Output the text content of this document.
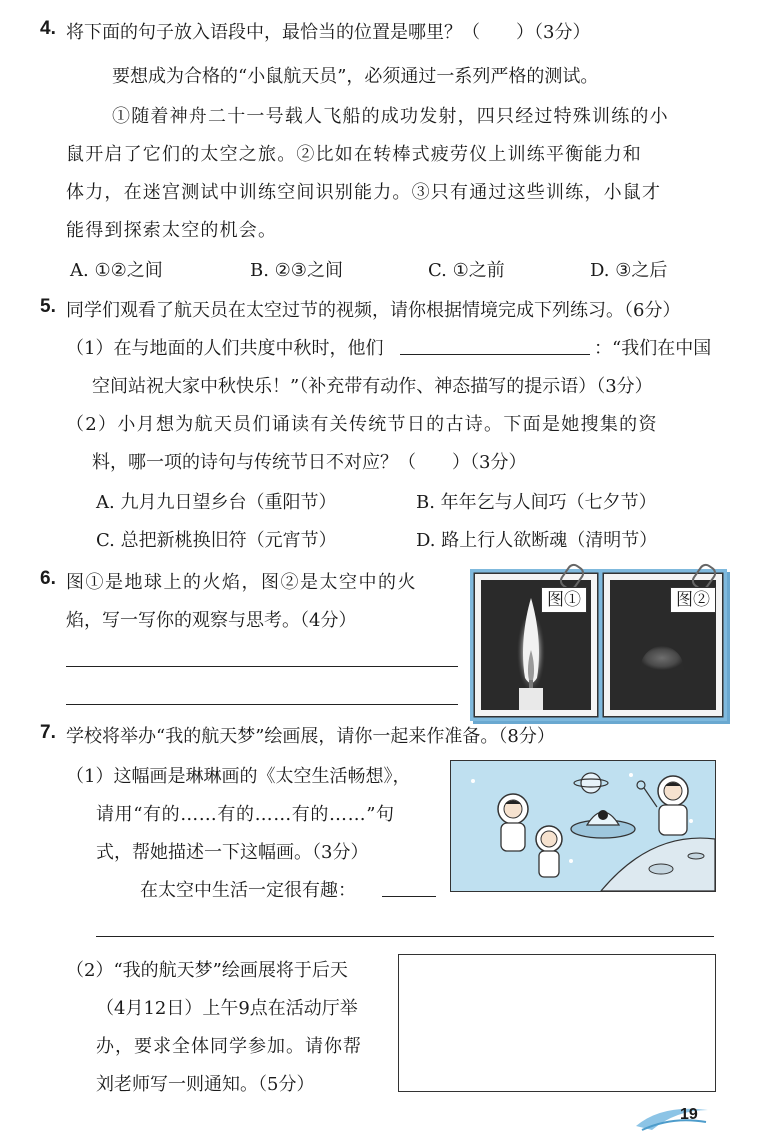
4. 将下面的句子放入语段中，最恰当的位置是哪里？（　　）（3分）
要想成为合格的“小鼠航天员”，必须通过一系列严格的测试。
①随着神舟二十一号载人飞船的成功发射，四只经过特殊训练的小
鼠开启了它们的太空之旅。②比如在转棒式疲劳仪上训练平衡能力和
体力，在迷宫测试中训练空间识别能力。③只有通过这些训练，小鼠才
能得到探索太空的机会。
A. ①②之间	B. ②③之间	C. ①之前	D. ③之后
5. 同学们观看了航天员在太空过节的视频，请你根据情境完成下列练习。（6分）
（1）在与地面的人们共度中秋时，他们	：“我们在中国
空间站祝大家中秋快乐！”（补充带有动作、神态描写的提示语）（3分）
（2）小月想为航天员们诵读有关传统节日的古诗。下面是她搜集的资
料，哪一项的诗句与传统节日不对应？（　　）（3分）
A. 九月九日望乡台（重阳节）	B. 年年乞与人间巧（七夕节）
C. 总把新桃换旧符（元宵节）	D. 路上行人欲断魂（清明节）
6. 图①是地球上的火焰，图②是太空中的火
焰，写一写你的观察与思考。（4分）
图①	图②
7. 学校将举办“我的航天梦”绘画展，请你一起来作准备。（8分）
（1）这幅画是琳琳画的《太空生活畅想》，
请用“有的……有的……有的……”句
式，帮她描述一下这幅画。（3分）
在太空中生活一定很有趣：
（2）“我的航天梦”绘画展将于后天
（4月12日）上午9点在活动厅举
办，要求全体同学参加。请你帮
刘老师写一则通知。（5分）
19
